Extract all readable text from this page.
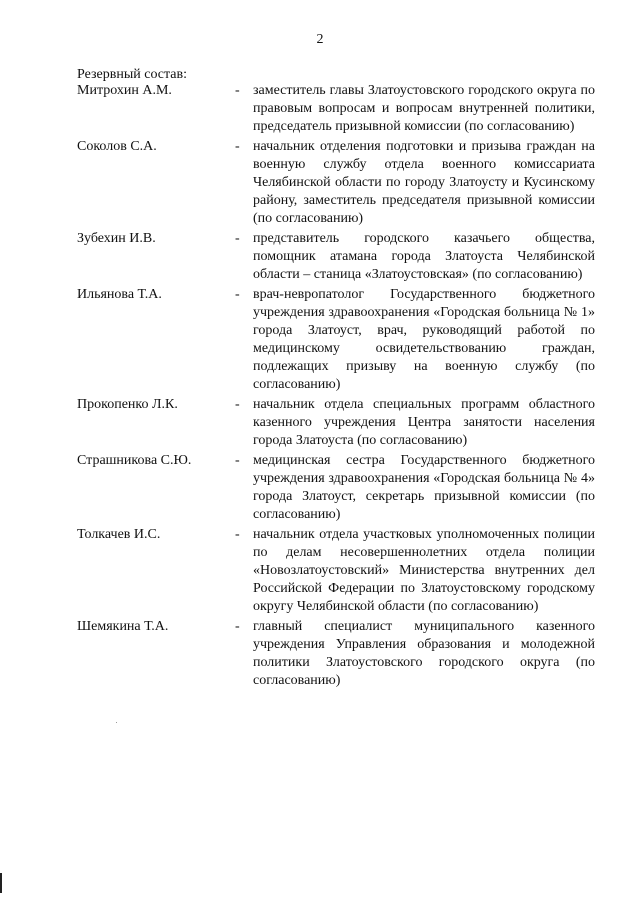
2
Резервный состав:
Митрохин А.М.	- заместитель главы Златоустовского городского округа по правовым вопросам и вопросам внутренней политики, председатель призывной комиссии (по согласованию)
Соколов С.А.	- начальник отделения подготовки и призыва граждан на военную службу отдела военного комиссариата Челябинской области по городу Златоусту и Кусинскому району, заместитель председателя призывной комиссии (по согласованию)
Зубехин И.В.	- представитель городского казачьего общества, помощник атамана города Златоуста Челябинской области – станица «Златоустовская» (по согласованию)
Ильянова Т.А.	- врач-невропатолог Государственного бюджетного учреждения здравоохранения «Городская больница № 1» города Златоуст, врач, руководящий работой по медицинскому освидетельствованию граждан, подлежащих призыву на военную службу (по согласованию)
Прокопенко Л.К.	- начальник отдела специальных программ областного казенного учреждения Центра занятости населения города Златоуста (по согласованию)
Страшникова С.Ю.	- медицинская сестра Государственного бюджетного учреждения здравоохранения «Городская больница № 4» города Златоуст, секретарь призывной комиссии (по согласованию)
Толкачев И.С.	- начальник отдела участковых уполномоченных полиции по делам несовершеннолетних отдела полиции «Новозлатоустовский» Министерства внутренних дел Российской Федерации по Златоустовскому городскому округу Челябинской области (по согласованию)
Шемякина Т.А.	- главный специалист муниципального казенного учреждения Управления образования и молодежной политики Златоустовского городского округа (по согласованию)
